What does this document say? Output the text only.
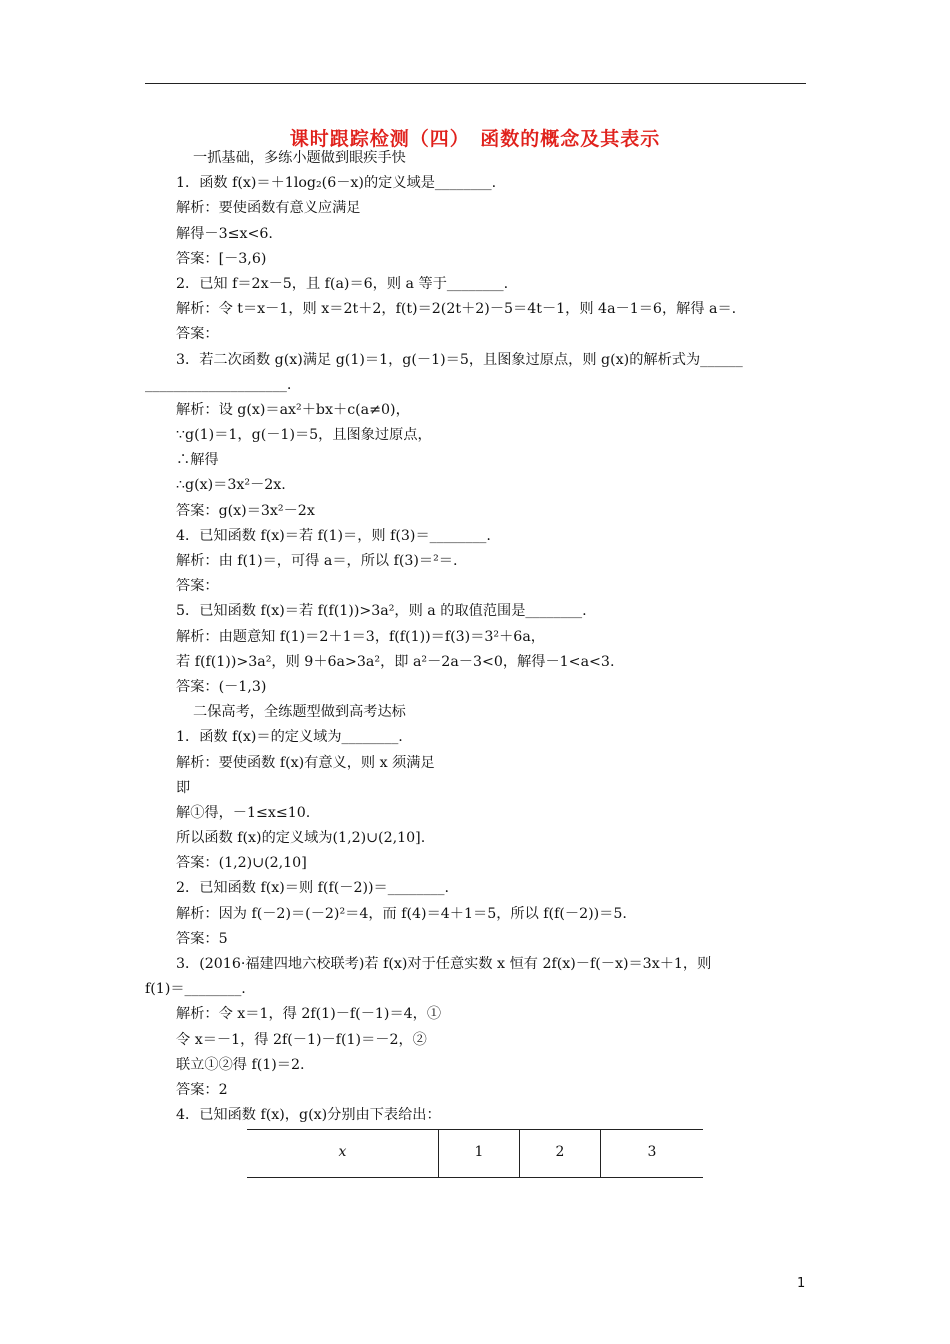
课时跟踪检测（四）　函数的概念及其表示
一抓基础，多练小题做到眼疾手快
1．函数 f(x)＝＋1log₂(6－x)的定义域是________.
解析：要使函数有意义应满足
解得－3≤x<6.
答案：[－3,6)
2．已知 f＝2x－5，且 f(a)＝6，则 a 等于________.
解析：令 t＝x－1，则 x＝2t＋2，f(t)＝2(2t＋2)－5＝4t－1，则 4a－1＝6，解得 a＝.
答案：
3．若二次函数 g(x)满足 g(1)＝1，g(－1)＝5，且图象过原点，则 g(x)的解析式为______
____________________.
解析：设 g(x)＝ax²＋bx＋c(a≠0)，
∵g(1)＝1，g(－1)＝5，且图象过原点，
∴解得
∴g(x)＝3x²－2x.
答案：g(x)＝3x²－2x
4．已知函数 f(x)＝若 f(1)＝，则 f(3)＝________.
解析：由 f(1)＝，可得 a＝，所以 f(3)＝²＝.
答案：
5．已知函数 f(x)＝若 f(f(1))>3a²，则 a 的取值范围是________.
解析：由题意知 f(1)＝2＋1＝3，f(f(1))＝f(3)＝3²＋6a，
若 f(f(1))>3a²，则 9＋6a>3a²，即 a²－2a－3<0，解得－1<a<3.
答案：(－1,3)
二保高考，全练题型做到高考达标
1．函数 f(x)＝的定义域为________.
解析：要使函数 f(x)有意义，则 x 须满足
即
解①得，－1≤x≤10.
所以函数 f(x)的定义域为(1,2)∪(2,10].
答案：(1,2)∪(2,10]
2．已知函数 f(x)＝则 f(f(－2))＝________.
解析：因为 f(－2)＝(－2)²＝4，而 f(4)＝4＋1＝5，所以 f(f(－2))＝5.
答案：5
3．(2016·福建四地六校联考)若 f(x)对于任意实数 x 恒有 2f(x)－f(－x)＝3x＋1，则
f(1)＝________.
解析：令 x＝1，得 2f(1)－f(－1)＝4，①
令 x＝－1，得 2f(－1)－f(1)＝－2，②
联立①②得 f(1)＝2.
答案：2
4．已知函数 f(x)，g(x)分别由下表给出：
x	1	2	3
1
